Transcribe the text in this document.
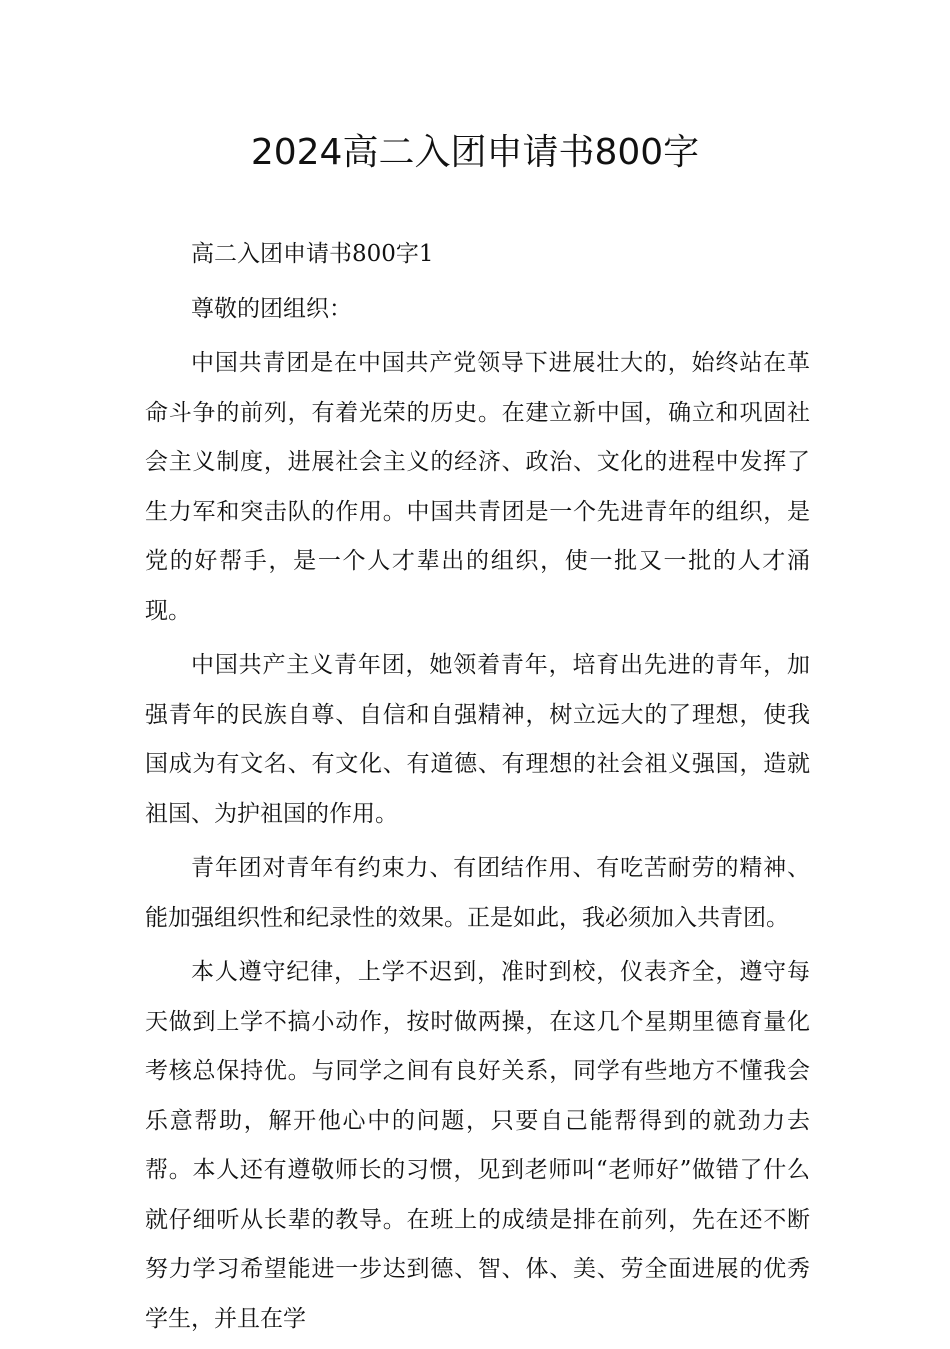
2024高二入团申请书800字

高二入团申请书800字1

尊敬的团组织：

中国共青团是在中国共产党领导下进展壮大的，始终站在革命斗争的前列，有着光荣的历史。在建立新中国，确立和巩固社会主义制度，进展社会主义的经济、政治、文化的进程中发挥了生力军和突击队的作用。中国共青团是一个先进青年的组织，是党的好帮手，是一个人才辈出的组织，使一批又一批的人才涌现。

中国共产主义青年团，她领着青年，培育出先进的青年，加强青年的民族自尊、自信和自强精神，树立远大的了理想，使我国成为有文名、有文化、有道德、有理想的社会祖义强国，造就祖国、为护祖国的作用。

青年团对青年有约束力、有团结作用、有吃苦耐劳的精神、能加强组织性和纪录性的效果。正是如此，我必须加入共青团。

本人遵守纪律，上学不迟到，准时到校，仪表齐全，遵守每天做到上学不搞小动作，按时做两操，在这几个星期里德育量化考核总保持优。与同学之间有良好关系，同学有些地方不懂我会乐意帮助，解开他心中的问题，只要自己能帮得到的就劲力去帮。本人还有遵敬师长的习惯，见到老师叫“老师好”做错了什么就仔细听从长辈的教导。在班上的成绩是排在前列，先在还不断努力学习希望能进一步达到德、智、体、美、劳全面进展的优秀学生，并且在学
